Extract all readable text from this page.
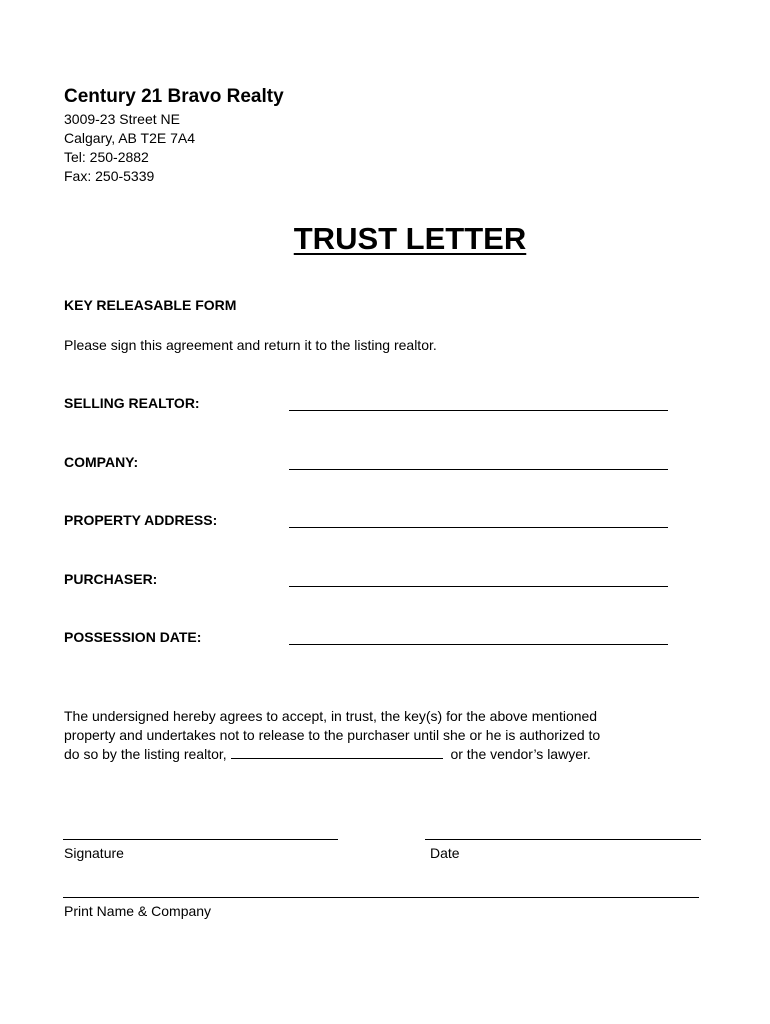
Century 21 Bravo Realty
3009-23 Street NE
Calgary, AB T2E 7A4
Tel: 250-2882
Fax: 250-5339
TRUST LETTER
KEY RELEASABLE FORM
Please sign this agreement and return it to the listing realtor.
SELLING REALTOR:
COMPANY:
PROPERTY ADDRESS:
PURCHASER:
POSSESSION DATE:
The undersigned hereby agrees to accept, in trust, the key(s) for the above mentioned
property and undertakes not to release to the purchaser until she or he is authorized to
do so by the listing realtor,	or the vendor’s lawyer.
Signature	Date
Print Name & Company
